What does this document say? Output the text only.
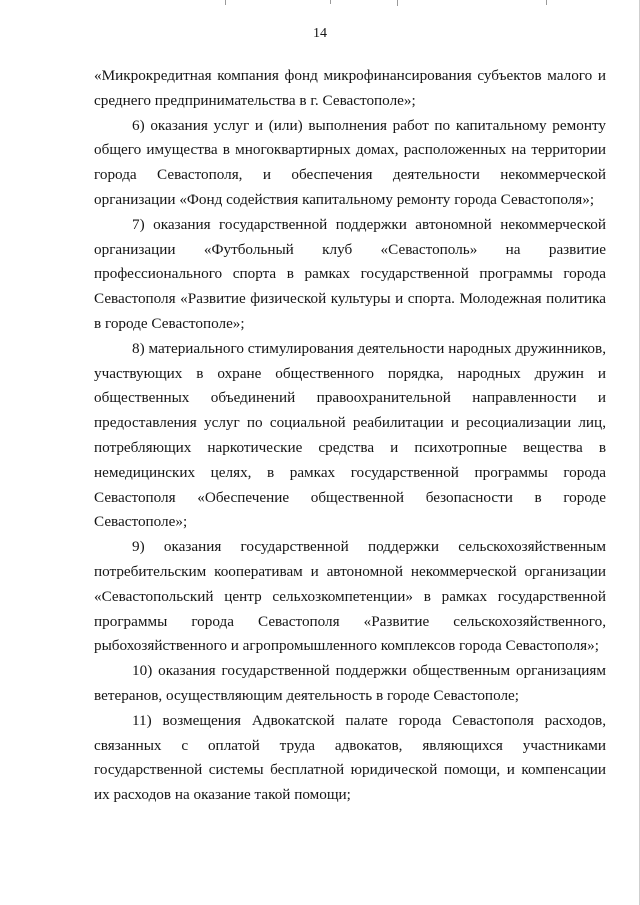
14

«Микрокредитная компания фонд микрофинансирования субъектов малого и среднего предпринимательства в г. Севастополе»;

6) оказания услуг и (или) выполнения работ по капитальному ремонту общего имущества в многоквартирных домах, расположенных на территории города Севастополя, и обеспечения деятельности некоммерческой организации «Фонд содействия капитальному ремонту города Севастополя»;

7) оказания государственной поддержки автономной некоммерческой организации «Футбольный клуб «Севастополь» на развитие профессионального спорта в рамках государственной программы города Севастополя «Развитие физической культуры и спорта. Молодежная политика в городе Севастополе»;

8) материального стимулирования деятельности народных дружинников, участвующих в охране общественного порядка, народных дружин и общественных объединений правоохранительной направленности и предоставления услуг по социальной реабилитации и ресоциализации лиц, потребляющих наркотические средства и психотропные вещества в немедицинских целях, в рамках государственной программы города Севастополя «Обеспечение общественной безопасности в городе Севастополе»;

9) оказания государственной поддержки сельскохозяйственным потребительским кооперативам и автономной некоммерческой организации «Севастопольский центр сельхозкомпетенции» в рамках государственной программы города Севастополя «Развитие сельскохозяйственного, рыбохозяйственного и агропромышленного комплексов города Севастополя»;

10) оказания государственной поддержки общественным организациям ветеранов, осуществляющим деятельность в городе Севастополе;

11) возмещения Адвокатской палате города Севастополя расходов, связанных с оплатой труда адвокатов, являющихся участниками государственной системы бесплатной юридической помощи, и компенсации их расходов на оказание такой помощи;
